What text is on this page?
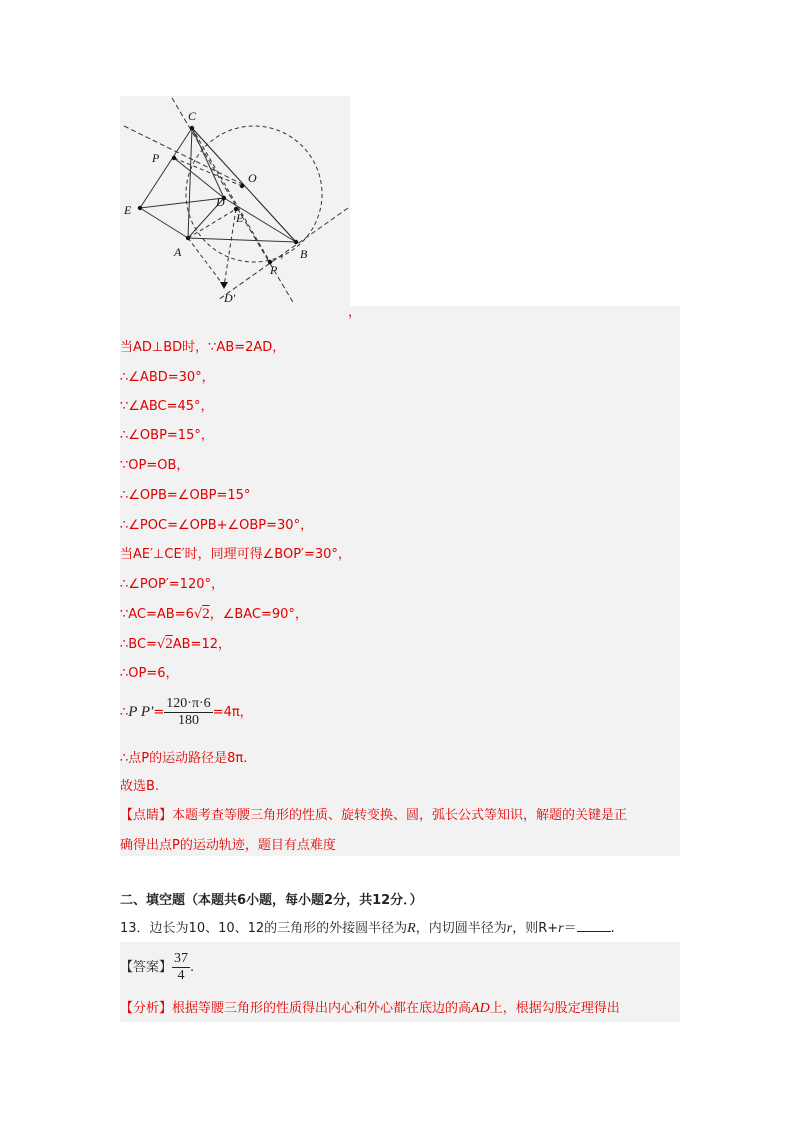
C
P
O
E
D
E
A	B
P
′
D′
，
当AD⊥BD时，∵AB=2AD，
∴∠ABD=30°，
∵∠ABC=45°，
∴∠OBP=15°，
∵OP=OB，
∴∠OPB=∠OBP=15°
∴∠POC=∠OPB+∠OBP=30°，
当AE′⊥CE′时，同理可得∠BOP′=30°，
∴∠POP′=120°，
∵AC=AB=6√2，∠BAC=90°，
∴BC=√2AB=12，
∴OP=6，
∴P $P'= \frac{120\cdot\pi\cdot 6}{180} =4\pi$，
∴点P的运动路径是8π.
故选B.
【点睛】本题考查等腰三角形的性质、旋转变换、圆，弧长公式等知识，解题的关键是正
确得出点P的运动轨迹，题目有点难度
二、填空题（本题共6小题，每小题2分，共12分．）
13．边长为10、10、12的三角形的外接圆半径为R，内切圆半径为r，则R+r＝	.
【答案】 $\frac{37}{4}$ .
【分析】根据等腰三角形的性质得出内心和外心都在底边的高AD上，根据勾股定理得出
